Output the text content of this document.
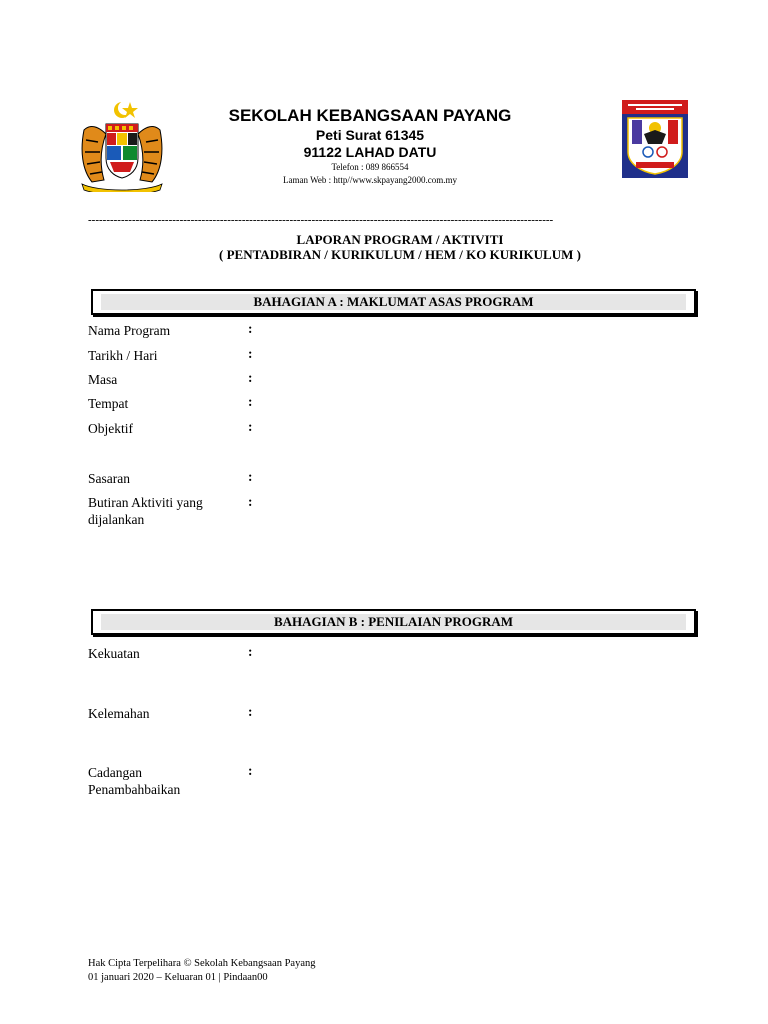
SEKOLAH KEBANGSAAN PAYANG
Peti Surat 61345
91122 LAHAD DATU
Telefon : 089 866554
Laman Web : http//www.skpayang2000.com.my
-------------------------------------------------------------------------------------------------------------------------------
LAPORAN PROGRAM / AKTIVITI
( PENTADBIRAN / KURIKULUM / HEM / KO KURIKULUM )
BAHAGIAN A : MAKLUMAT ASAS PROGRAM
Nama Program	:
Tarikh / Hari	:
Masa	:
Tempat	:
Objektif	:
Sasaran	:
Butiran Aktiviti yang
dijalankan
:
BAHAGIAN B : PENILAIAN PROGRAM
Kekuatan	:
Kelemahan	:
Cadangan
Penambahbaikan
:
Hak Cipta Terpelihara © Sekolah Kebangsaan Payang
01 januari 2020 – Keluaran 01 | Pindaan00
